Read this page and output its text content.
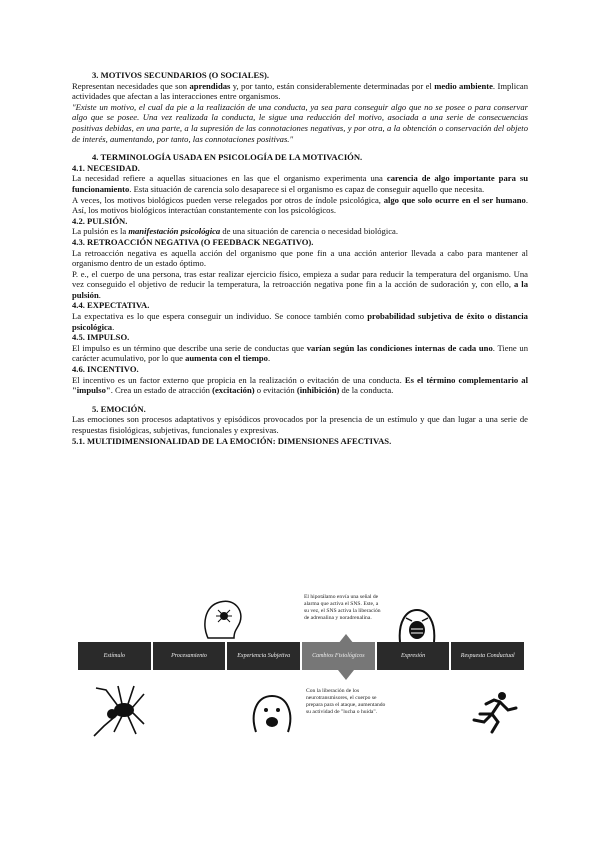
3. MOTIVOS SECUNDARIOS (O SOCIALES).

Representan necesidades que son aprendidas y, por tanto, están considerablemente determinadas por el medio ambiente. Implican actividades que afectan a las interacciones entre organismos.

"Existe un motivo, el cual da pie a la realización de una conducta, ya sea para conseguir algo que no se posee o para conservar algo que se posee. Una vez realizada la conducta, le sigue una reducción del motivo, asociada a una serie de consecuencias positivas debidas, en una parte, a la supresión de las connotaciones negativas, y por otra, a la obtención o conservación del objeto de interés, aumentando, por tanto, las connotaciones positivas."

4. TERMINOLOGÍA USADA EN PSICOLOGÍA DE LA MOTIVACIÓN.

4.1. NECESIDAD.

La necesidad refiere a aquellas situaciones en las que el organismo experimenta una carencia de algo importante para su funcionamiento. Esta situación de carencia solo desaparece si el organismo es capaz de conseguir aquello que necesita.

A veces, los motivos biológicos pueden verse relegados por otros de índole psicológica, algo que solo ocurre en el ser humano. Así, los motivos biológicos interactúan constantemente con los psicológicos.

4.2. PULSIÓN.

La pulsión es la manifestación psicológica de una situación de carencia o necesidad biológica.

4.3. RETROACCIÓN NEGATIVA (O FEEDBACK NEGATIVO).

La retroacción negativa es aquella acción del organismo que pone fin a una acción anterior llevada a cabo para mantener al organismo dentro de un estado óptimo.

P. e., el cuerpo de una persona, tras estar realizar ejercicio físico, empieza a sudar para reducir la temperatura del organismo. Una vez conseguido el objetivo de reducir la temperatura, la retroacción negativa pone fin a la acción de sudoración y, con ello, a la pulsión.

4.4. EXPECTATIVA.

La expectativa es lo que espera conseguir un individuo. Se conoce también como probabilidad subjetiva de éxito o distancia psicológica.

4.5. IMPULSO.

El impulso es un término que describe una serie de conductas que varían según las condiciones internas de cada uno. Tiene un carácter acumulativo, por lo que aumenta con el tiempo.

4.6. INCENTIVO.

El incentivo es un factor externo que propicia en la realización o evitación de una conducta. Es el término complementario al "impulso". Crea un estado de atracción (excitación) o evitación (inhibición) de la conducta.

5. EMOCIÓN.

Las emociones son procesos adaptativos y episódicos provocados por la presencia de un estímulo y que dan lugar a una serie de respuestas fisiológicas, subjetivas, funcionales y expresivas.

5.1. MULTIDIMENSIONALIDAD DE LA EMOCIÓN: DIMENSIONES AFECTIVAS.

El hipotálamo envía una señal de alarma que activa el SNS. Este, a su vez, el SNS activa la liberación de adrenalina y noradrenalina.
Estímulo	Procesamiento	Experiencia Subjetiva	Cambios Fisiológicos	Expresión	Respuesta Conductual
Con la liberación de los neurotransmisores, el cuerpo se prepara para el ataque, aumentando su actividad de "lucha o huida".
